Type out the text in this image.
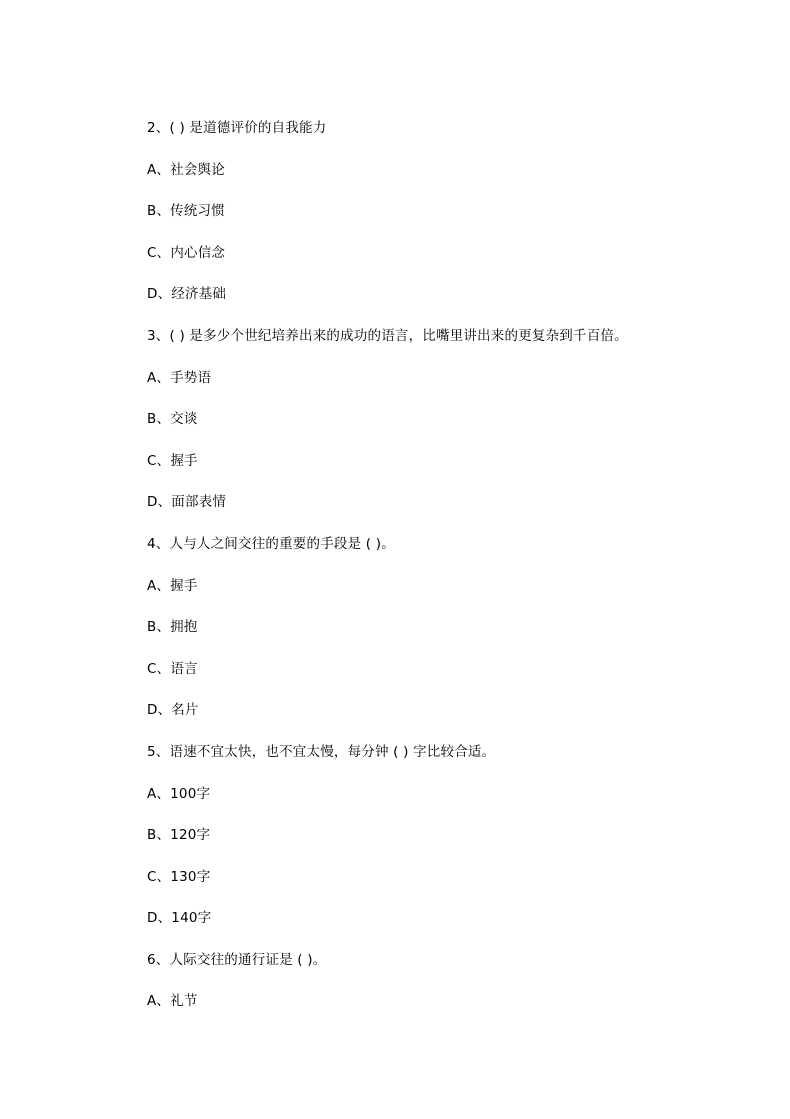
2、( ) 是道德评价的自我能力
A、社会舆论
B、传统习惯
C、内心信念
D、经济基础
3、( ) 是多少个世纪培养出来的成功的语言，比嘴里讲出来的更复杂到千百倍。
A、手势语
B、交谈
C、握手
D、面部表情
4、人与人之间交往的重要的手段是 ( )。
A、握手
B、拥抱
C、语言
D、名片
5、语速不宜太快，也不宜太慢，每分钟 ( ) 字比较合适。
A、100字
B、120字
C、130字
D、140字
6、人际交往的通行证是 ( )。
A、礼节
